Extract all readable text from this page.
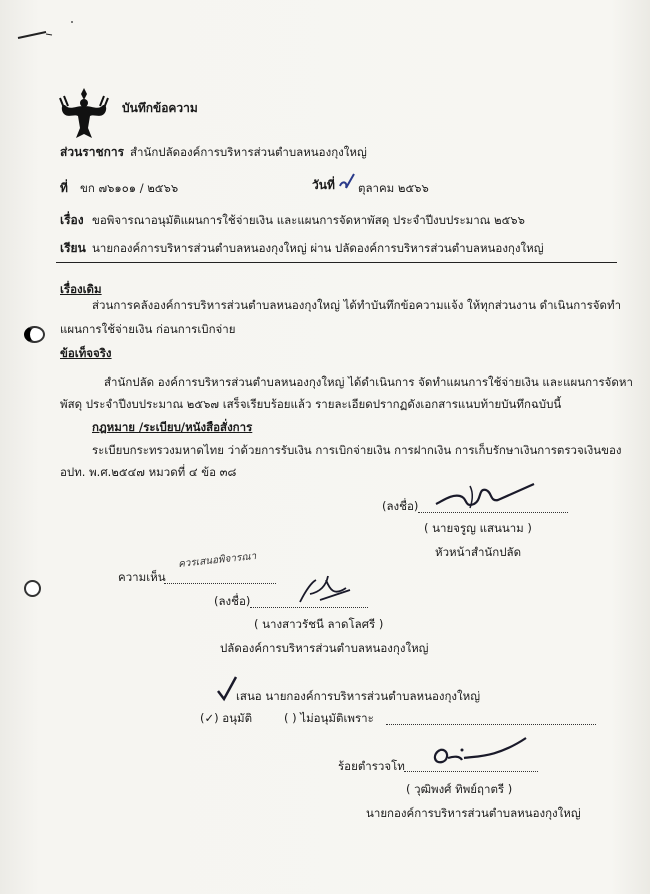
บันทึกข้อความ
ส่วนราชการ สำนักปลัดองค์การบริหารส่วนตำบลหนองกุงใหญ่
ที่ ขก ๗๖๑๐๑ / ๒๕๖๖	วันที่ ตุลาคม ๒๕๖๖
เรื่อง ขอพิจารณาอนุมัติแผนการใช้จ่ายเงิน และแผนการจัดหาพัสดุ ประจำปีงบประมาณ ๒๕๖๖
เรียน นายกองค์การบริหารส่วนตำบลหนองกุงใหญ่ ผ่าน ปลัดองค์การบริหารส่วนตำบลหนองกุงใหญ่
เรื่องเดิม
ส่วนการคลังองค์การบริหารส่วนตำบลหนองกุงใหญ่ ได้ทำบันทึกข้อความแจ้ง ให้ทุกส่วนงาน ดำเนินการจัดทำ
แผนการใช้จ่ายเงิน ก่อนการเบิกจ่าย
ข้อเท็จจริง
สำนักปลัด องค์การบริหารส่วนตำบลหนองกุงใหญ่ ได้ดำเนินการ จัดทำแผนการใช้จ่ายเงิน และแผนการจัดหา
พัสดุ ประจำปีงบประมาณ ๒๕๖๗ เสร็จเรียบร้อยแล้ว รายละเอียดปรากฏดังเอกสารแนบท้ายบันทึกฉบับนี้
กฎหมาย /ระเบียบ/หนังสือสั่งการ
ระเบียบกระทรวงมหาดไทย ว่าด้วยการรับเงิน การเบิกจ่ายเงิน การฝากเงิน การเก็บรักษาเงินการตรวจเงินของ
อปท. พ.ศ.๒๕๔๗ หมวดที่ ๔ ข้อ ๓๘
(ลงชื่อ)
( นายจรูญ แสนนาม )
หัวหน้าสำนักปลัด
ความเห็น
ควรเสนอพิจารณา
(ลงชื่อ)
( นางสาวรัชนี ลาดโลศรี )
ปลัดองค์การบริหารส่วนตำบลหนองกุงใหญ่
เสนอ นายกองค์การบริหารส่วนตำบลหนองกุงใหญ่
(✓) อนุมัติ	( ) ไม่อนุมัติเพราะ
ร้อยตำรวจโท
( วุฒิพงศ์ ทิพย์ฤาตรี )
นายกองค์การบริหารส่วนตำบลหนองกุงใหญ่
